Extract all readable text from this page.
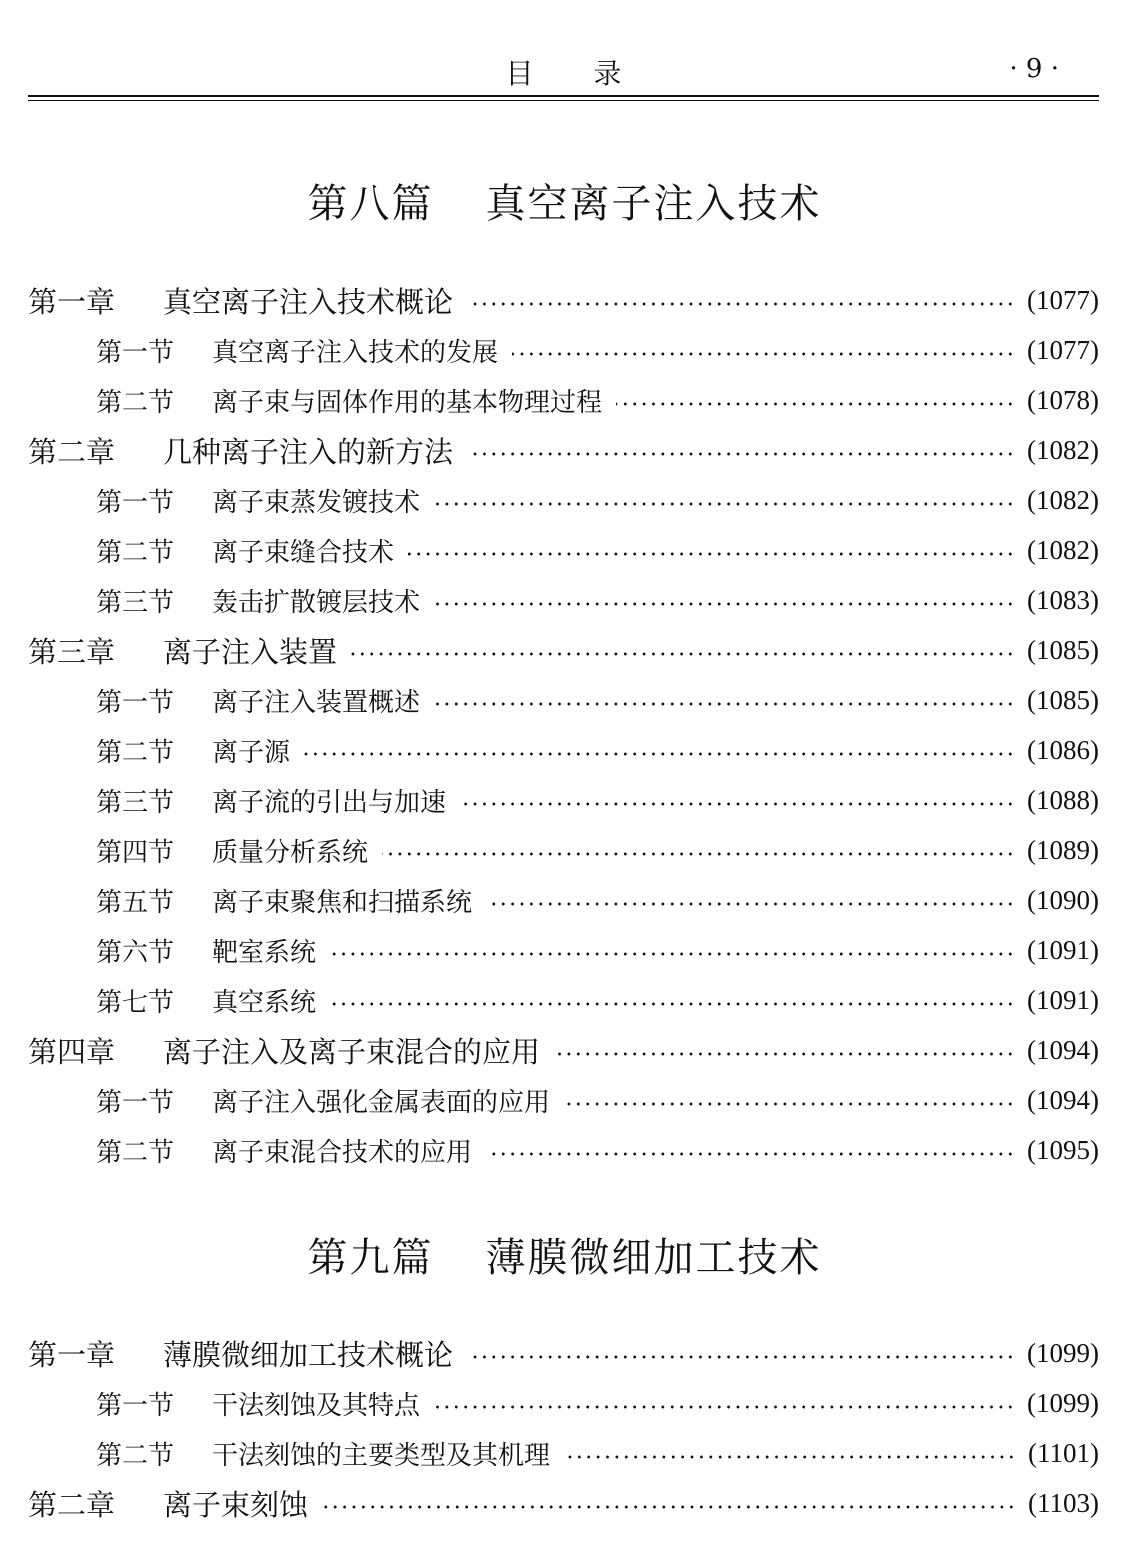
目录	· 9 ·
第八篇 真空离子注入技术
第一章	真空离子注入技术概论	(1077)
第一节	真空离子注入技术的发展	(1077)
第二节	离子束与固体作用的基本物理过程	(1078)
第二章	几种离子注入的新方法	(1082)
第一节	离子束蒸发镀技术	(1082)
第二节	离子束缝合技术	(1082)
第三节	轰击扩散镀层技术	(1083)
第三章	离子注入装置	(1085)
第一节	离子注入装置概述	(1085)
第二节	离子源	(1086)
第三节	离子流的引出与加速	(1088)
第四节	质量分析系统	(1089)
第五节	离子束聚焦和扫描系统	(1090)
第六节	靶室系统	(1091)
第七节	真空系统	(1091)
第四章	离子注入及离子束混合的应用	(1094)
第一节	离子注入强化金属表面的应用	(1094)
第二节	离子束混合技术的应用	(1095)
第九篇 薄膜微细加工技术
第一章	薄膜微细加工技术概论	(1099)
第一节	干法刻蚀及其特点	(1099)
第二节	干法刻蚀的主要类型及其机理	(1101)
第二章	离子束刻蚀	(1103)
